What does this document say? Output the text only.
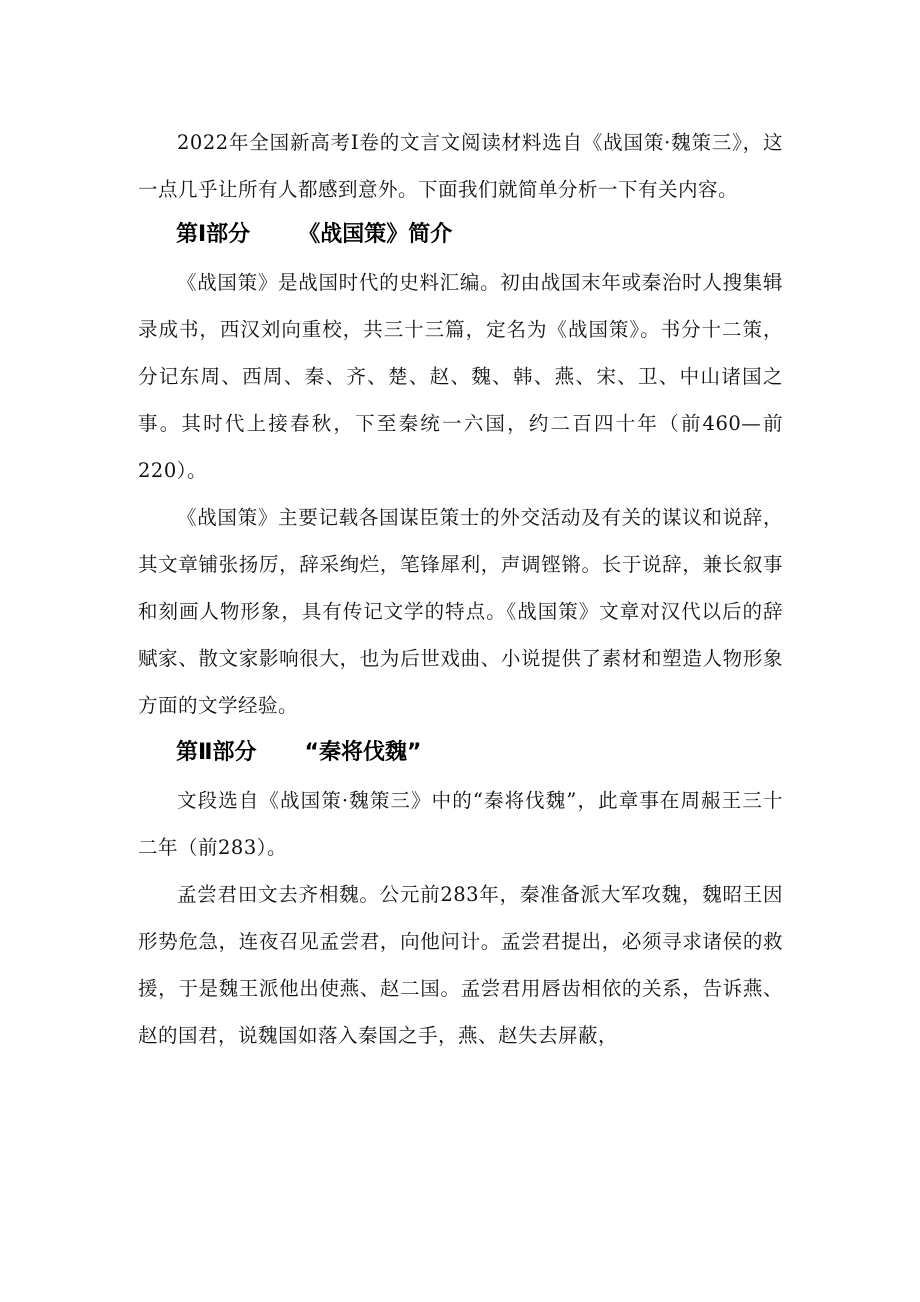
2022年全国新高考Ⅰ卷的文言文阅读材料选自《战国策·魏策三》，这一点几乎让所有人都感到意外。下面我们就简单分析一下有关内容。

第Ⅰ部分 《战国策》简介

《战国策》是战国时代的史料汇编。初由战国末年或秦治时人搜集辑录成书，西汉刘向重校，共三十三篇，定名为《战国策》。书分十二策，分记东周、西周、秦、齐、楚、赵、魏、韩、燕、宋、卫、中山诸国之事。其时代上接春秋，下至秦统一六国，约二百四十年（前460—前220）。

《战国策》主要记载各国谋臣策士的外交活动及有关的谋议和说辞，其文章铺张扬厉，辞采绚烂，笔锋犀利，声调铿锵。长于说辞，兼长叙事和刻画人物形象，具有传记文学的特点。《战国策》文章对汉代以后的辞赋家、散文家影响很大，也为后世戏曲、小说提供了素材和塑造人物形象方面的文学经验。

第Ⅱ部分 “秦将伐魏”

文段选自《战国策·魏策三》中的“秦将伐魏”，此章事在周赧王三十二年（前283）。

孟尝君田文去齐相魏。公元前283年，秦准备派大军攻魏，魏昭王因形势危急，连夜召见孟尝君，向他问计。孟尝君提出，必须寻求诸侯的救援，于是魏王派他出使燕、赵二国。孟尝君用唇齿相依的关系，告诉燕、赵的国君，说魏国如落入秦国之手，燕、赵失去屏蔽，
